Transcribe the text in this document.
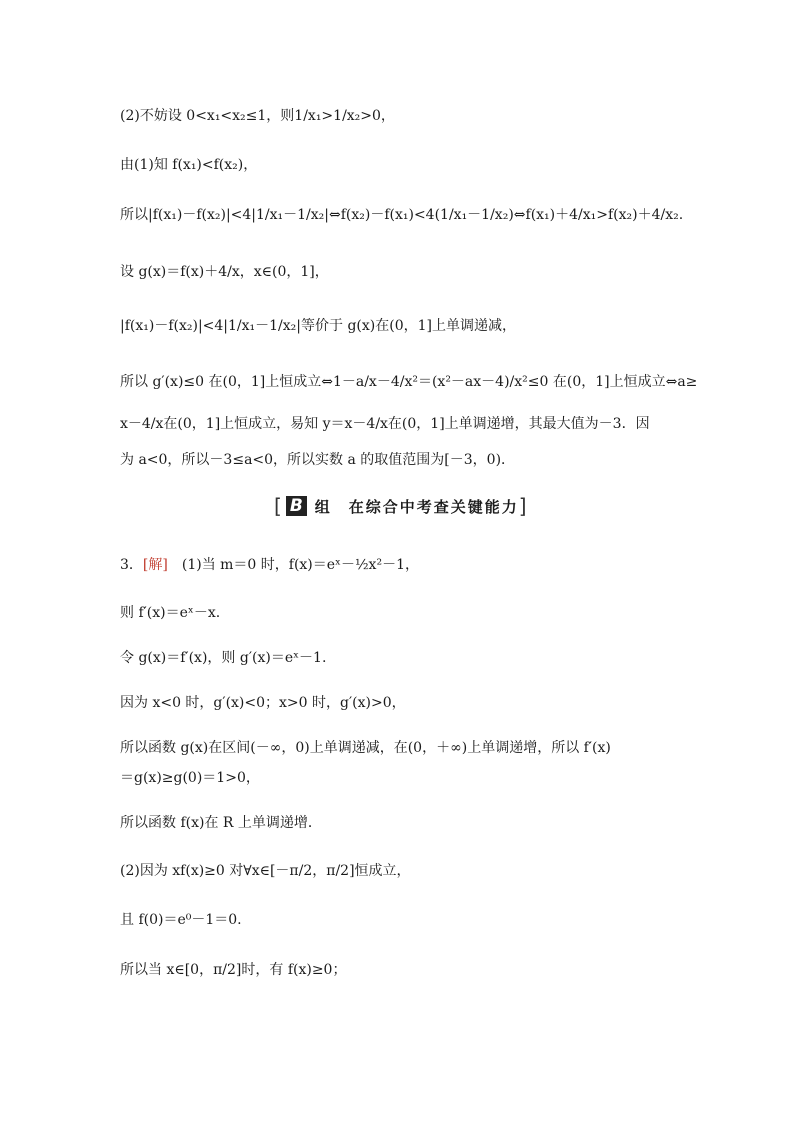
(2)不妨设 0<x₁<x₂≤1，则1/x₁>1/x₂>0，
由(1)知 f(x₁)<f(x₂)，
所以|f(x₁)－f(x₂)|<4|1/x₁－1/x₂|⇔f(x₂)－f(x₁)<4(1/x₁－1/x₂)⇔f(x₁)＋4/x₁>f(x₂)＋4/x₂.
设 g(x)＝f(x)＋4/x，x∈(0，1]，
|f(x₁)－f(x₂)|<4|1/x₁－1/x₂|等价于 g(x)在(0，1]上单调递减，
所以 g′(x)≤0 在(0，1]上恒成立⇔1－a/x－4/x²＝(x²－ax－4)/x²≤0 在(0，1]上恒成立⇔a≥
x－4/x在(0，1]上恒成立，易知 y＝x－4/x在(0，1]上单调递增，其最大值为－3．因
为 a<0，所以－3≤a<0，所以实数 a 的取值范围为[－3，0)．
[ B 组　在综合中考查关键能力 ]
3．[解]　(1)当 m＝0 时，f(x)＝eˣ－½x²－1，
则 f′(x)＝eˣ－x.
令 g(x)＝f′(x)，则 g′(x)＝eˣ－1.
因为 x<0 时，g′(x)<0；x>0 时，g′(x)>0，
所以函数 g(x)在区间(－∞，0)上单调递减，在(0，＋∞)上单调递增，所以 f′(x)
＝g(x)≥g(0)＝1>0，
所以函数 f(x)在 R 上单调递增．
(2)因为 xf(x)≥0 对∀x∈[－π/2，π/2]恒成立，
且 f(0)＝e⁰－1＝0.
所以当 x∈[0，π/2]时，有 f(x)≥0；
